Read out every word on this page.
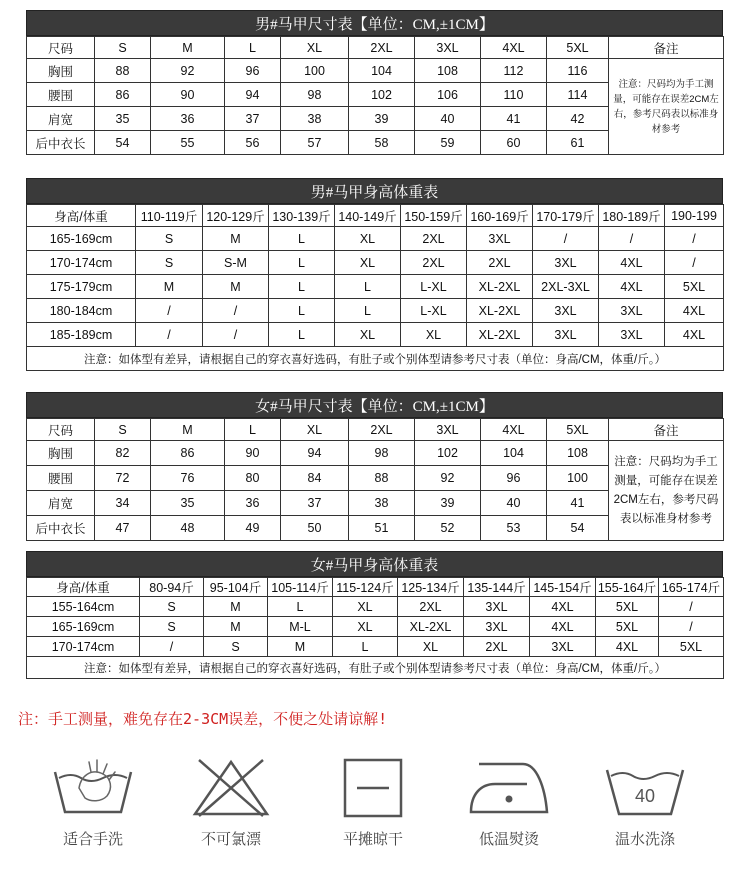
男#马甲尺寸表【单位：CM,±1CM】
尺码	S	M	L	XL	2XL	3XL	4XL	5XL	备注
胸围	88	92	96	100	104	108	112	116	注意：尺码均为手工测量，可能存在误差2CM左右，参考尺码表以标准身材参考
腰围	86	90	94	98	102	106	110	114	
肩宽	35	36	37	38	39	40	41	42	
后中衣长	54	55	56	57	58	59	60	61	
男#马甲身高体重表
身高/体重	110-119斤	120-129斤	130-139斤	140-149斤	150-159斤	160-169斤	170-179斤	180-189斤	190-199
165-169cm	S	M	L	XL	2XL	3XL	/	/	/
170-174cm	S	S-M	L	XL	2XL	2XL	3XL	4XL	/
175-179cm	M	M	L	L	L-XL	XL-2XL	2XL-3XL	4XL	5XL
180-184cm	/	/	L	L	L-XL	XL-2XL	3XL	3XL	4XL
185-189cm	/	/	L	XL	XL	XL-2XL	3XL	3XL	4XL
注意：如体型有差异，请根据自己的穿衣喜好选码，有肚子或个别体型请参考尺寸表（单位：身高/CM，体重/斤。）									
女#马甲尺寸表【单位：CM,±1CM】
尺码	S	M	L	XL	2XL	3XL	4XL	5XL	备注
胸围	82	86	90	94	98	102	104	108	注意：尺码均为手工测量，可能存在误差2CM左右，参考尺码表以标准身材参考
腰围	72	76	80	84	88	92	96	100	
肩宽	34	35	36	37	38	39	40	41	
后中衣长	47	48	49	50	51	52	53	54	
女#马甲身高体重表
身高/体重	80-94斤	95-104斤	105-114斤	115-124斤	125-134斤	135-144斤	145-154斤	155-164斤	165-174斤
155-164cm	S	M	L	XL	2XL	3XL	4XL	5XL	/
165-169cm	S	M	M-L	XL	XL-2XL	3XL	4XL	5XL	/
170-174cm	/	S	M	L	XL	2XL	3XL	4XL	5XL
注意：如体型有差异，请根据自己的穿衣喜好选码，有肚子或个别体型请参考尺寸表（单位：身高/CM，体重/斤。）									
注：手工测量，难免存在2-3CM误差，不便之处请谅解!
适合手洗	不可氯漂	平摊晾干	低温熨烫
40
温水洗涤
